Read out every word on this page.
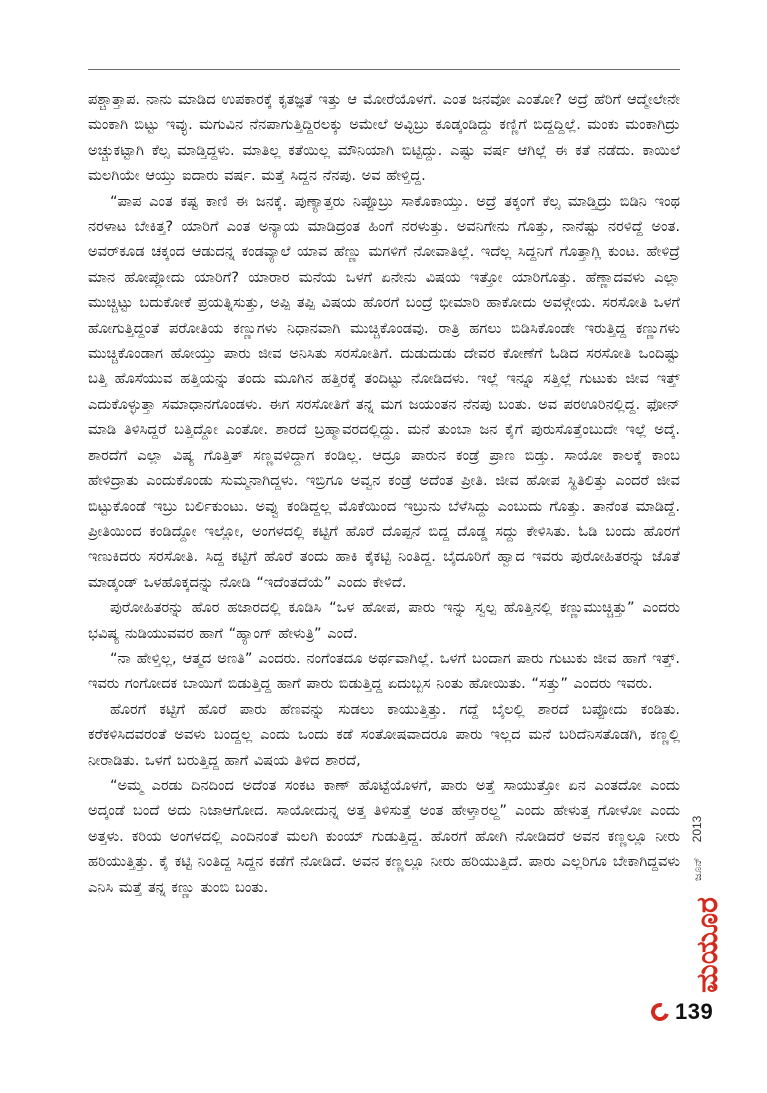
ಪಶ್ಚಾತ್ತಾಪ. ನಾನು ಮಾಡಿದ ಉಪಕಾರಕ್ಕೆ ಕೃತಜ್ಞತೆ ಇತ್ತು ಆ ಮೋರೆಯೊಳಗೆ. ಎಂತ ಜನವೋ ಎಂತೋ? ಅದ್ರೆ ಹೆರಿಗೆ ಆದ್ಮೇಲೇನೇ ಮಂಕಾಗಿ ಬಿಟ್ಟು ಇವ್ಳು. ಮಗುವಿನ ನೆನಪಾಗುತ್ತಿದ್ದಿರಲಕ್ಕು ಅಮೇಲೆ ಅವ್ಳಿಬ್ರು ಕೂಡ್ಕಂಡಿದ್ದು ಕಣ್ಣಿಗೆ ಬಿದ್ದದ್ದಿಲ್ಲೆ. ಮಂಕು ಮಂಕಾಗಿದ್ರು ಅಚ್ಚುಕಟ್ಟಾಗಿ ಕೆಲ್ಸ ಮಾಡ್ತಿದ್ದಳು. ಮಾತಿಲ್ಲ ಕತೆಯಿಲ್ಲ ಮೌನಿಯಾಗಿ ಬಿಟ್ಟಿದ್ದು. ಎಷ್ಟು ವರ್ಷ ಆಗಿಲ್ಲೆ ಈ ಕತೆ ನಡೆದು. ಕಾಯಿಲೆ ಮಲಗಿಯೇ ಆಯ್ತು ಐದಾರು ವರ್ಷ. ಮತ್ತೆ ಸಿದ್ದನ ನೆನಪು. ಅವ ಹೇಳ್ತಿದ್ದ.

“ಪಾಪ ಎಂತ ಕಷ್ಟ ಕಾಣಿ ಈ ಜನಕ್ಕೆ. ಪುಣ್ಯಾತ್ತರು ನಿಪ್ಪೊಬ್ರು ಸಾಕೊಕಾಯ್ತು. ಅದ್ರೆ ತಕ್ಕಂಗೆ ಕೆಲ್ಸ ಮಾಡ್ತಿದ್ರು ಬಿಡಿನಿ ಇಂಥ ನರಳಾಟ ಬೇಕಿತ್ತ? ಯಾರಿಗೆ ಎಂತ ಅನ್ಯಾಯ ಮಾಡಿದ್ರಂತ ಹಿಂಗೆ ನರಳುತ್ತು. ಅವನಿಗೇನು ಗೊತ್ತು, ನಾನೆಷ್ಟು ನರಳಿದ್ದೆ ಅಂತ. ಅವರ್‌ಕೂಡ ಚಕ್ಕಂದ ಆಡುದನ್ನ ಕಂಡವ್ಯಾಲೆ ಯಾವ ಹೆಣ್ಣು ಮಗಳಿಗೆ ನೋವಾತಿಲ್ಲೆ. ಇದೆಲ್ಲ ಸಿದ್ದನಿಗೆ ಗೊತ್ತಾಗ್ಲಿ ಕುಂಟ. ಹೇಳಿದ್ರೆ ಮಾನ ಹೋಪ್ಲೋದು ಯಾರಿಗೆ? ಯಾರಾರ ಮನೆಯ ಒಳಗೆ ಏನೇನು ವಿಷಯ ಇತ್ತೋ ಯಾರಿಗೊತ್ತು. ಹೆಣ್ಣಾದವಳು ಎಲ್ಲಾ ಮುಚ್ಚಿಟ್ಟು ಬದುಕೋಕೆ ಪ್ರಯತ್ನಿಸುತ್ತು, ಅಪ್ಪಿ ತಪ್ಪಿ ವಿಷಯ ಹೊರಗೆ ಬಂದ್ರೆ ಭೀಮಾರಿ ಹಾಕೋದು ಅವಳ್ಗೇಯ. ಸರಸೋತಿ ಒಳಗೆ ಹೋಗುತ್ತಿದ್ದಂತೆ ಪರೋತಿಯ ಕಣ್ಣುಗಳು ನಿಧಾನವಾಗಿ ಮುಚ್ಚಿಕೊಂಡವು. ರಾತ್ರಿ ಹಗಲು ಬಿಡಿಸಿಕೊಂಡೇ ಇರುತ್ತಿದ್ದ ಕಣ್ಣುಗಳು ಮುಚ್ಚಿಕೊಂಡಾಗ ಹೋಯ್ತು ಪಾರು ಜೀವ ಅನಿಸಿತು ಸರಸೋತಿಗೆ. ದುಡುದುಡು ದೇವರ ಕೋಣೆಗೆ ಓಡಿದ ಸರಸೋತಿ ಒಂದಿಷ್ಟು ಬತ್ತಿ ಹೊಸೆಯುವ ಹತ್ತಿಯನ್ನು ತಂದು ಮೂಗಿನ ಹತ್ತಿರಕ್ಕೆ ತಂದಿಟ್ಟು ನೋಡಿದಳು. ಇಲ್ಲೆ ಇನ್ನೂ ಸತ್ತಿಲ್ಲೆ ಗುಟುಕು ಜೀವ ಇತ್ತ್ ಎದುಕೊಳ್ಳುತ್ತಾ ಸಮಾಧಾನಗೊಂಡಳು. ಈಗ ಸರಸೋತಿಗೆ ತನ್ನ ಮಗ ಜಯಂತನ ನೆನಪು ಬಂತು. ಅವ ಪರಊರಿನಲ್ಲಿದ್ದ. ಫೋನ್ ಮಾಡಿ ತಿಳಿಸಿದ್ದರೆ ಬತ್ತಿದ್ದೋ ಎಂತೋ. ಶಾರದೆ ಬ್ರಹ್ಮಾವರದಲ್ಲಿದ್ದು. ಮನೆ ತುಂಬಾ ಜನ ಕೈಗೆ ಪುರುಸೊತ್ತೆಂಬುದೇ ಇಲ್ಲೆ ಅದ್ಕೆ. ಶಾರದೆಗೆ ಎಲ್ಲಾ ವಿಷ್ಯ ಗೊತ್ತಿತ್ ಸಣ್ಣವಳಿದ್ದಾಗ ಕಂಡಿಲ್ಲ. ಆದ್ರೂ ಪಾರುನ ಕಂಡ್ರೆ ಪ್ರಾಣ ಬಿಡ್ತು. ಸಾಯೋ ಕಾಲಕ್ಕೆ ಕಾಂಬ ಹೇಳಿದ್ರಾತು ಎಂದುಕೊಂಡು ಸುಮ್ಮನಾಗಿದ್ದಳು. ಇಬ್ರಿಗೂ ಅವ್ವನ ಕಂಡ್ರೆ ಅದೆಂತ ಪ್ರೀತಿ. ಜೀವ ಹೋಪ ಸ್ಥಿತಿಲಿತ್ತು ಎಂದರೆ ಜೀವ ಬಿಟ್ಟುಕೊಂಡೆ ಇಬ್ರು ಬರ್ಲಿಕುಂಟು. ಅವ್ವು ಕಂಡಿದ್ದಲ್ಲ ಮೊಕೆಯಿಂದ ಇಬ್ರುನು ಬೆಳೆಸಿದ್ದು ಎಂಬುದು ಗೊತ್ತು. ತಾನೆಂತ ಮಾಡಿದ್ದೆ. ಪ್ರೀತಿಯಿಂದ ಕಂಡಿದ್ದೋ ಇಲ್ಲೋ, ಅಂಗಳದಲ್ಲಿ ಕಟ್ಟಿಗೆ ಹೊರೆ ದೊಪ್ಪನೆ ಬಿದ್ದ ದೊಡ್ಡ ಸದ್ದು ಕೇಳಿಸಿತು. ಓಡಿ ಬಂದು ಹೊರಗೆ ಇಣುಕಿದರು ಸರಸೋತಿ. ಸಿದ್ದ ಕಟ್ಟಿಗೆ ಹೊರೆ ತಂದು ಹಾಕಿ ಕೈಕಟ್ಟಿ ನಿಂತಿದ್ದ. ಬೈದೂರಿಗೆ ಹ್ವಾದ ಇವರು ಪುರೋಹಿತರನ್ನು ಜೊತೆ ಮಾಡ್ಕಂಡ್ ಒಳಹೊಕ್ಕದನ್ನು ನೋಡಿ “ಇದೆಂತದೆಯೆ” ಎಂದು ಕೇಳಿದೆ.

ಪುರೋಹಿತರನ್ನು ಹೊರ ಹಜಾರದಲ್ಲಿ ಕೂಡಿಸಿ “ಒಳ ಹೋಪ, ಪಾರು ಇನ್ನು ಸ್ವಲ್ಪ ಹೊತ್ತಿನಲ್ಲಿ ಕಣ್ಣುಮುಚ್ಚಿತ್ತು” ಎಂದರು ಭವಿಷ್ಯ ನುಡಿಯುವವರ ಹಾಗೆ “ಹ್ಯಾಂಗ್ ಹೇಳುತ್ರಿ” ಎಂದೆ.

“ನಾ ಹೇಳ್ತಿಲ್ಲ, ಆತ್ಮದ ಅಣತಿ” ಎಂದರು. ನಂಗೆಂತದೂ ಅರ್ಥವಾಗಿಲ್ಲೆ. ಒಳಗೆ ಬಂದಾಗ ಪಾರು ಗುಟುಕು ಜೀವ ಹಾಗೆ ಇತ್ತ್. ಇವರು ಗಂಗೋದಕ ಬಾಯಿಗೆ ಬಿಡುತ್ತಿದ್ದ ಹಾಗೆ ಪಾರು ಬಿಡುತ್ತಿದ್ದ ಏದುಬ್ಬಸ ನಿಂತು ಹೋಯಿತು. “ಸತ್ತು” ಎಂದರು ಇವರು.

ಹೊರಗೆ ಕಟ್ಟಿಗೆ ಹೊರೆ ಪಾರು ಹೆಣವನ್ನು ಸುಡಲು ಕಾಯುತ್ತಿತ್ತು. ಗದ್ದೆ ಬೈಲಲ್ಲಿ ಶಾರದೆ ಬಪ್ಪೋದು ಕಂಡಿತು. ಕರೆಕಳಿಸಿದವರಂತೆ ಅವಳು ಬಂದ್ದಲ್ಲ ಎಂದು ಒಂದು ಕಡೆ ಸಂತೋಷವಾದರೂ ಪಾರು ಇಲ್ಲದ ಮನೆ ಬರಿದೆನಿಸತೊಡಗಿ, ಕಣ್ಣಲ್ಲಿ ನೀರಾಡಿತು. ಒಳಗೆ ಬರುತ್ತಿದ್ದ ಹಾಗೆ ವಿಷಯ ತಿಳಿದ ಶಾರದೆ,

“ಅಮ್ಮ ಎರಡು ದಿನದಿಂದ ಅದೆಂತ ಸಂಕಟ ಕಾಣ್ ಹೊಟ್ಟೆಯೊಳಗೆ, ಪಾರು ಅತ್ತೆ ಸಾಯುತ್ತೋ ಏನ ಎಂತದೋ ಎಂದು ಅದ್ಕಂಡೆ ಬಂದೆ ಅದು ನಿಜಾಆಗೋದ. ಸಾಯೋದುನ್ನ ಅತ್ತ ತಿಳಿಸುತ್ತೆ ಅಂತ ಹೇಳ್ತಾರಲ್ದ” ಎಂದು ಹೇಳುತ್ತ ಗೋಳೋ ಎಂದು ಅತ್ತಳು. ಕರಿಯ ಅಂಗಳದಲ್ಲಿ ಎಂದಿನಂತೆ ಮಲಗಿ ಕುಂಯ್ ಗುಡುತ್ತಿದ್ದ. ಹೊರಗೆ ಹೋಗಿ ನೋಡಿದರೆ ಅವನ ಕಣ್ಣಲ್ಲೂ ನೀರು ಹರಿಯುತ್ತಿತ್ತು. ಕೈ ಕಟ್ಟಿ ನಿಂತಿದ್ದ ಸಿದ್ದನ ಕಡೆಗೆ ನೋಡಿದೆ. ಅವನ ಕಣ್ಣಲ್ಲೂ ನೀರು ಹರಿಯುತ್ತಿದೆ. ಪಾರು ಎಲ್ಲರಿಗೂ ಬೇಕಾಗಿದ್ದವಳು ಎನಿಸಿ ಮತ್ತೆ ತನ್ನ ಕಣ್ಣು ತುಂಬಿ ಬಂತು.

2013
ಜೂನ್
ಮಯೂರ
139
